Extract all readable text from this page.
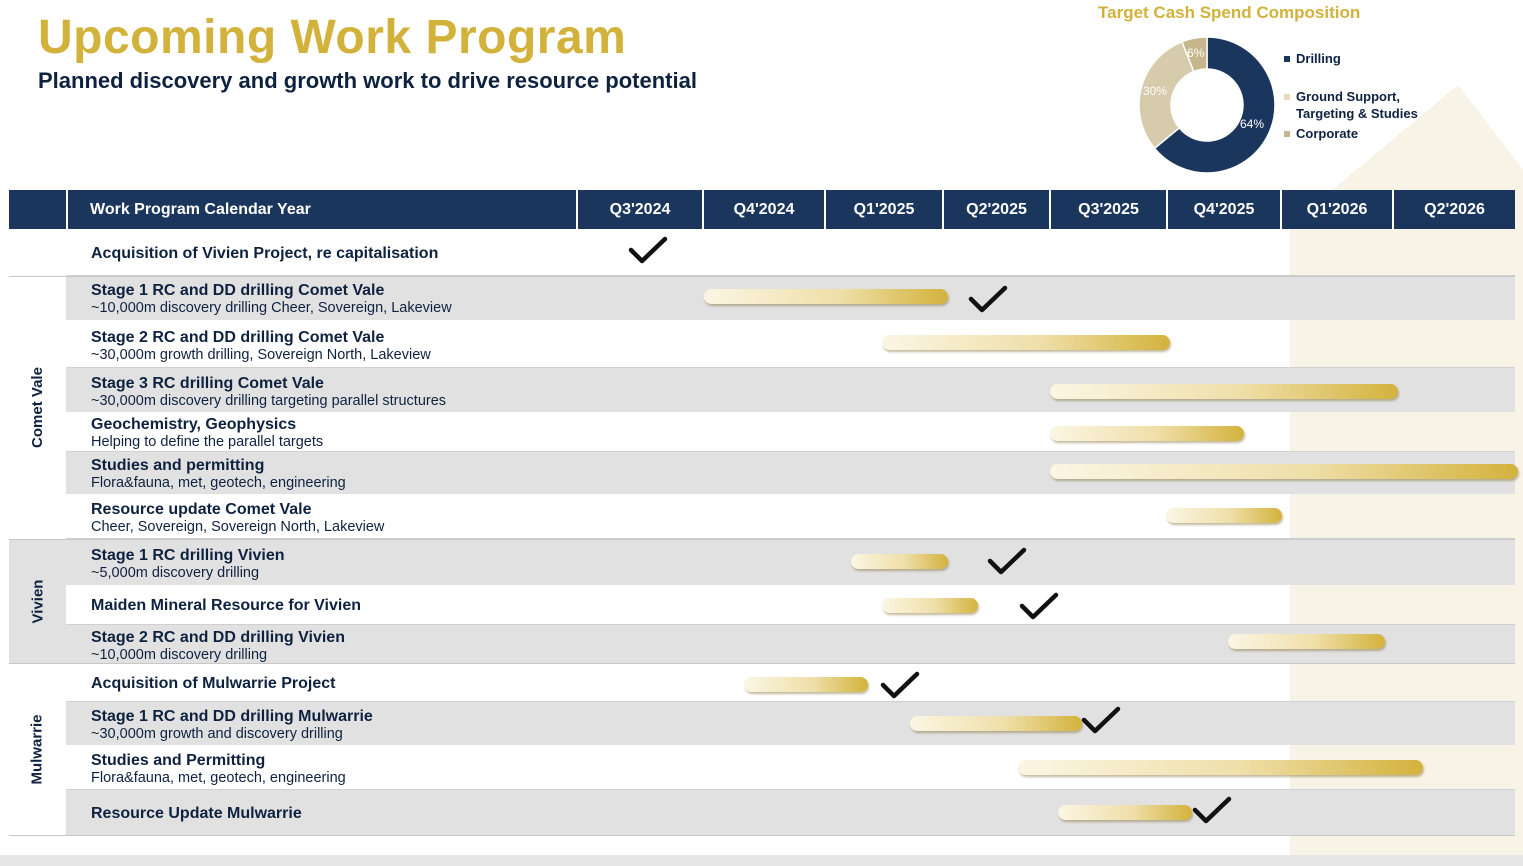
Upcoming Work Program
Planned discovery and growth work to drive resource potential
Target Cash Spend Composition
64%
30%
6%	Drilling
Ground Support,
Targeting & Studies
Corporate
Work Program Calendar Year	Q3'2024	Q4'2024	Q1'2025	Q2'2025	Q3'2025	Q4'2025	Q1'2026	Q2'2026
Comet Vale
Vivien
Mulwarrie
Acquisition of Vivien Project, re capitalisation
Stage 1 RC and DD drilling Comet Vale
~10,000m discovery drilling Cheer, Sovereign, Lakeview
Stage 2 RC and DD drilling Comet Vale
~30,000m growth drilling, Sovereign North, Lakeview
Stage 3 RC drilling Comet Vale
~30,000m discovery drilling targeting parallel structures
Geochemistry, Geophysics
Helping to define the parallel targets
Studies and permitting
Flora&fauna, met, geotech, engineering
Resource update Comet Vale
Cheer, Sovereign, Sovereign North, Lakeview
Stage 1 RC drilling Vivien
~5,000m discovery drilling
Maiden Mineral Resource for Vivien
Stage 2 RC and DD drilling Vivien
~10,000m discovery drilling
Acquisition of Mulwarrie Project
Stage 1 RC and DD drilling Mulwarrie
~30,000m growth and discovery drilling
Studies and Permitting
Flora&fauna, met, geotech, engineering
Resource Update Mulwarrie
